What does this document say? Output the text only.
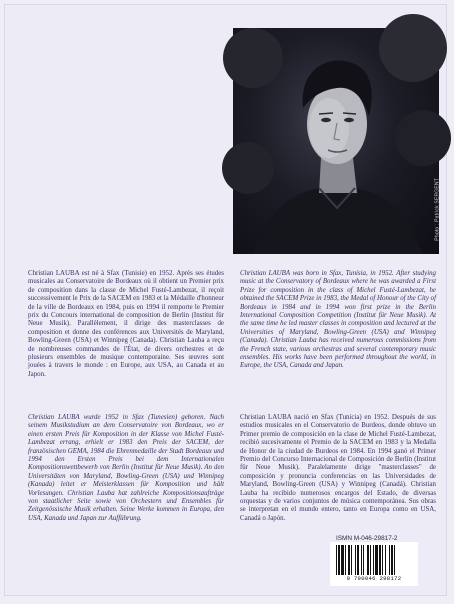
Photo : Patrick SERGENT

Christian LAUBA est né à Sfax (Tunisie) en 1952. Après ses études musicales au Conservatoire de Bordeaux où il obtient un Premier prix de composition dans la classe de Michel Fusté-Lambezat, il reçoit successivement le Prix de la SACEM en 1983 et la Médaille d'honneur de la ville de Bordeaux en 1984, puis en 1994 il remporte le Premier prix du Concours international de composition de Berlin (Institut für Neue Musik). Parallèlement, il dirige des masterclasses de composition et donne des conférences aux Universités de Maryland, Bowling-Green (USA) et Winnipeg (Canada). Christian Lauba a reçu de nombreuses commandes de l'État, de divers orchestres et de plusieurs ensembles de musique contemporaine. Ses œuvres sont jouées à travers le monde : en Europe, aux USA, au Canada et au Japon.

Christian LAUBA was born in Sfax, Tunisia, in 1952. After studying music at the Conservatory of Bordeaux where he was awarded a First Prize for composition in the class of Michel Fusté-Lambezat, he obtained the SACEM Prize in 1983, the Medal of Honour of the City of Bordeaux in 1984 and in 1994 won first prize in the Berlin International Composition Competition (Institut für Neue Musik). At the same time he led master classes in composition and lectured at the Universities of Maryland, Bowling-Green (USA) and Winnipeg (Canada). Christian Lauba has received numerous commissions from the French state, various orchestras and several contemporary music ensembles. His works have been performed throughout the world, in Europe, the USA, Canada and Japan.

Christian LAUBA wurde 1952 in Sfax (Tunesien) geboren. Nach seinem Musikstudium an dem Conservatoire von Bordeaux, wo er einen ersten Preis für Komposition in der Klasse von Michel Fusté-Lambezat errang, erhielt er 1983 den Preis der SACEM, der französischen GEMA, 1984 die Ehrenmedaille der Stadt Bordeaux und 1994 den Ersten Preis bei dem Internationalen Kompositionswettbewerb von Berlin (Institut für Neue Musik). An den Universitäten von Maryland, Bowling-Green (USA) und Winnipeg (Kanada) leitet er Meisterklassen für Komposition und hält Vorlesungen. Christian Lauba hat zahlreiche Kompositionsaufträge von staatlicher Seite sowie von Orchestern und Ensembles für Zeitgenössische Musik erhalten. Seine Werke kommen in Europa, den USA, Kanada und Japan zur Aufführung.

Christian LAUBA nació en Sfax (Tunicia) en 1952. Después de sus estudios musicales en el Conservatorio de Burdeos, donde obtuvo un Primer premio de composición en la clase de Michel Fusté-Lambezat, recibió sucesivamente el Premio de la SACEM en 1983 y la Medalla de Honor de la ciudad de Burdeos en 1984. En 1994 ganó el Primer Premio del Concurso Internacional de Composición de Berlín (Institut für Neue Musik). Paralelamente dirige "masterclasses" de composición y pronuncia conferencias en las Universidades de Maryland, Bowling-Green (USA) y Winnipeg (Canadá). Christian Lauba ha recibido numerosos encargos del Estado, de diversas orquestas y de varios conjuntos de música contemporánea. Sus obras se interpretan en el mundo entero, tanto en Europa como en USA, Canadá o Japón.

ISMN M-046-29817-2
9 790046 298172
